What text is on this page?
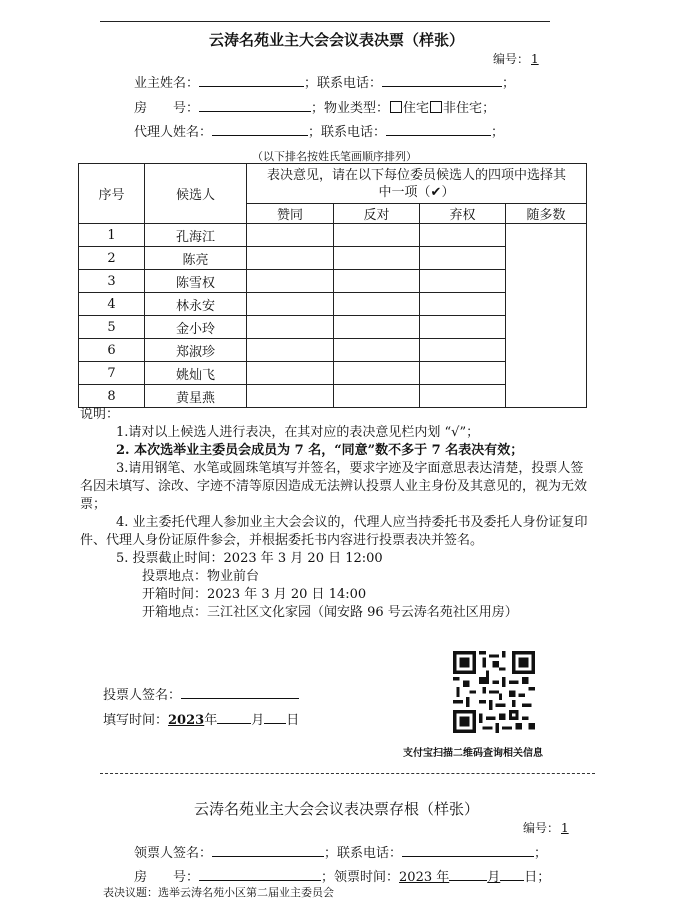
云涛名苑业主大会会议表决票（样张）
编号： 1
业主姓名：	；联系电话：	；
房　　号：	；物业类型： 住宅 非住宅；
代理人姓名：	；联系电话：	；
（以下排名按姓氏笔画顺序排列）
序号	候选人	表决意见，请在以下每位委员候选人的四项中选择其中一项（✔）			
		赞同	反对	弃权	随多数
1	孔海江				
2	陈亮				
3	陈雪权				
4	林永安				
5	金小玲				
6	郑淑珍				
7	姚灿飞				
8	黄星燕				

说明：

1.请对以上候选人进行表决，在其对应的表决意见栏内划 “√”；

2. 本次选举业主委员会成员为 7 名，“同意”数不多于 7 名表决有效；

3.请用钢笔、水笔或圆珠笔填写并签名，要求字迹及字面意思表达清楚，投票人签名因未填写、涂改、字迹不清等原因造成无法辨认投票人业主身份及其意见的，视为无效票；

4. 业主委托代理人参加业主大会会议的，代理人应当持委托书及委托人身份证复印件、代理人身份证原件参会，并根据委托书内容进行投票表决并签名。

5. 投票截止时间：2023 年 3 月 20 日 12:00

投票地点：物业前台

开箱时间：2023 年 3 月 20 日 14:00

开箱地点：三江社区文化家园（闻安路 96 号云涛名苑社区用房）

投票人签名：
填写时间：2023年	月 日
支付宝扫描二维码查询相关信息
云涛名苑业主大会会议表决票存根（样张）
编号： 1
领票人签名：	；联系电话：	；
房　　号：	；领票时间：2023 年	月 日；
表决议题：选举云涛名苑小区第二届业主委员会
